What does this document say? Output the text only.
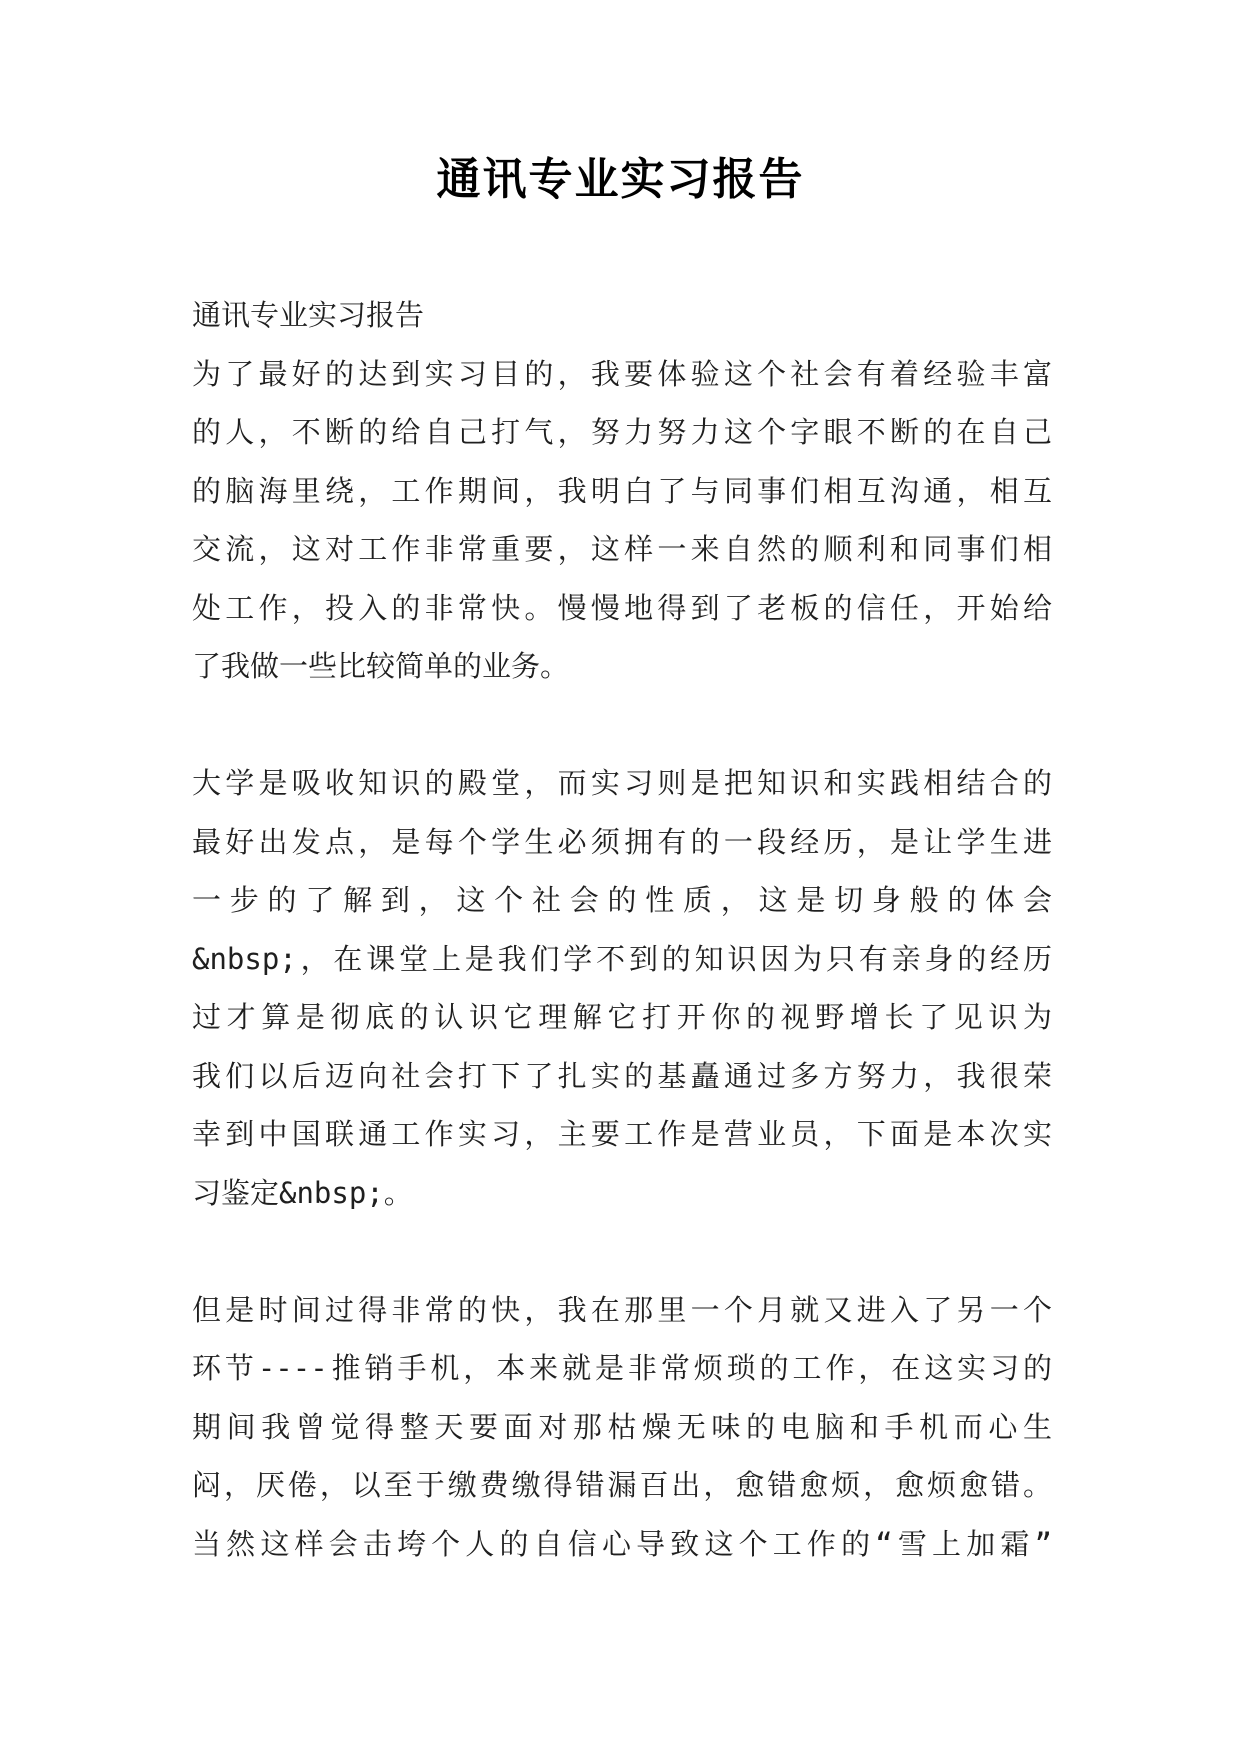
通讯专业实习报告
通讯专业实习报告
为了最好的达到实习目的，我要体验这个社会有着经验丰富
的人，不断的给自己打气，努力努力这个字眼不断的在自己
的脑海里绕，工作期间，我明白了与同事们相互沟通，相互
交流，这对工作非常重要，这样一来自然的顺利和同事们相
处工作，投入的非常快。慢慢地得到了老板的信任，开始给
了我做一些比较简单的业务。
大学是吸收知识的殿堂，而实习则是把知识和实践相结合的
最好出发点，是每个学生必须拥有的一段经历，是让学生进
一步的了解到，这个社会的性质，这是切身般的体会
&nbsp;，在课堂上是我们学不到的知识因为只有亲身的经历
过才算是彻底的认识它理解它打开你的视野增长了见识为
我们以后迈向社会打下了扎实的基矗通过多方努力，我很荣
幸到中国联通工作实习，主要工作是营业员，下面是本次实
习鉴定&nbsp;。
但是时间过得非常的快，我在那里一个月就又进入了另一个
环节----推销手机，本来就是非常烦琐的工作，在这实习的
期间我曾觉得整天要面对那枯燥无味的电脑和手机而心生
闷，厌倦，以至于缴费缴得错漏百出，愈错愈烦，愈烦愈错。
当然这样会击垮个人的自信心导致这个工作的“雪上加霜”
